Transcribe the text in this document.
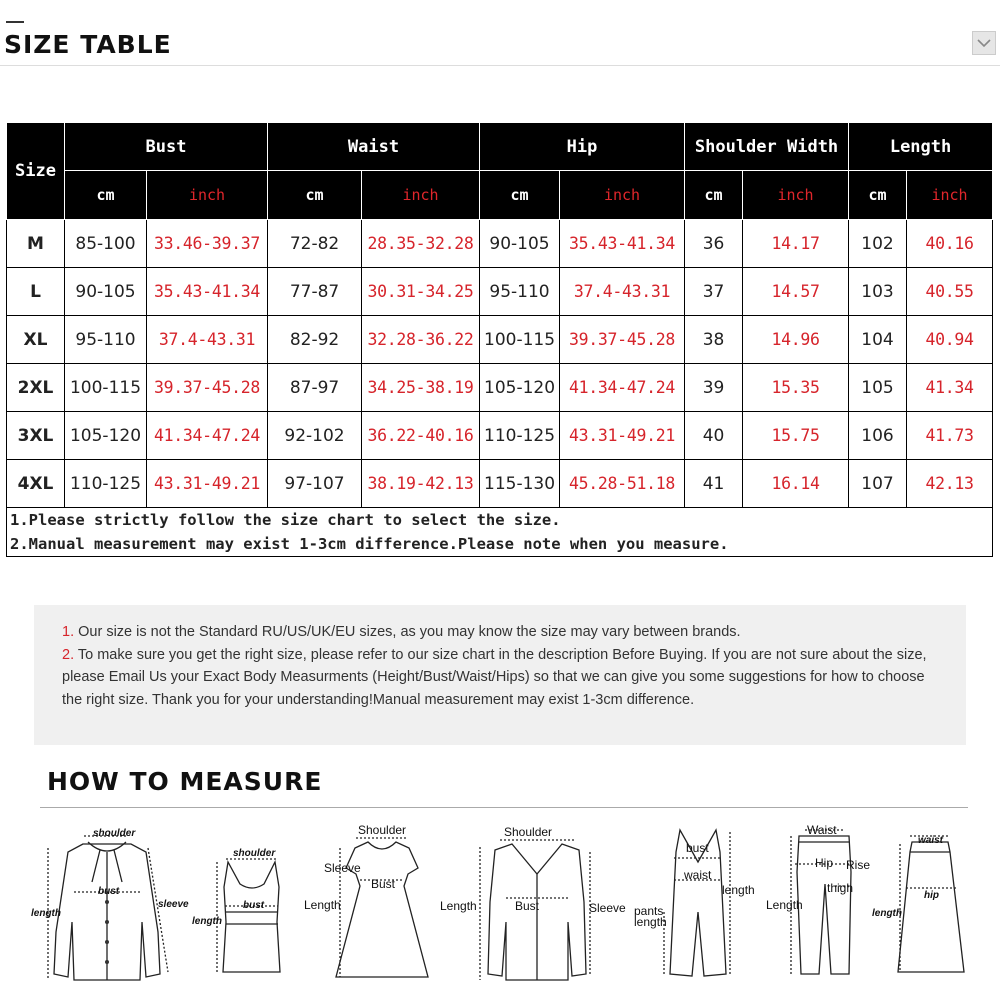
SIZE TABLE
Size	Bust		Waist		Hip		Shoulder Width		Length	
	cm	inch	cm	inch	cm	inch	cm	inch	cm	inch
M	85-100	33.46-39.37	72-82	28.35-32.28	90-105	35.43-41.34	36	14.17	102	40.16
L	90-105	35.43-41.34	77-87	30.31-34.25	95-110	37.4-43.31	37	14.57	103	40.55
XL	95-110	37.4-43.31	82-92	32.28-36.22	100-115	39.37-45.28	38	14.96	104	40.94
2XL	100-115	39.37-45.28	87-97	34.25-38.19	105-120	41.34-47.24	39	15.35	105	41.34
3XL	105-120	41.34-47.24	92-102	36.22-40.16	110-125	43.31-49.21	40	15.75	106	41.73
4XL	110-125	43.31-49.21	97-107	38.19-42.13	115-130	45.28-51.18	41	16.14	107	42.13
1.Please strictly follow the size chart to select the size.										
2.Manual measurement may exist 1-3cm difference.Please note when you measure.										
1. Our size is not the Standard RU/US/UK/EU sizes, as you may know the size may vary between brands.
2. To make sure you get the right size, please refer to our size chart in the description Before Buying. If you are not sure about the size, please Email Us your Exact Body Measurments (Height/Bust/Waist/Hips) so that we can give you some suggestions for how to choose the right size. Thank you for your understanding!Manual measurement may exist 1-3cm difference.
HOW TO MEASURE
shoulder
bust
sleeve
length
shoulder
bust
length
Shoulder
Sleeve
Bust
Length
Shoulder
Length	Bust	Sleeve
bust
waist
length
pants
length
Waist
Hip Rise
thigh
Length
waist
hip
length
